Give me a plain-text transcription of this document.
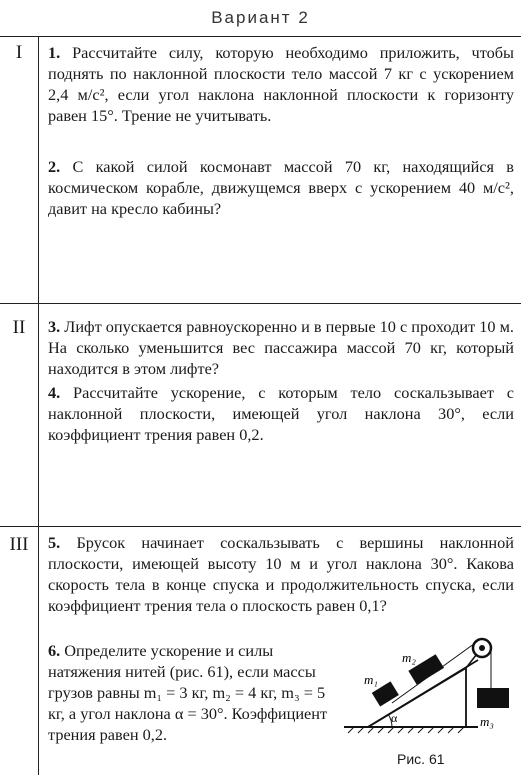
Вариант 2
I
II
III
1. Рассчитайте силу, которую необходимо приложить, чтобы поднять по наклонной плоскости тело массой 7 кг с ускорением 2,4 м/с², если угол наклона наклонной плоскости к горизонту равен 15°. Трение не учитывать.
2. С какой силой космонавт массой 70 кг, находящийся в космическом корабле, движущемся вверх с ускорением 40 м/с², давит на кресло кабины?
3. Лифт опускается равноускоренно и в первые 10 с проходит 10 м. На сколько уменьшится вес пассажира массой 70 кг, который находится в этом лифте?
4. Рассчитайте ускорение, с которым тело соскальзывает с наклонной плоскости, имеющей угол наклона 30°, если коэффициент трения равен 0,2.
5. Брусок начинает соскальзывать с вершины наклонной плоскости, имеющей высоту 10 м и угол наклона 30°. Какова скорость тела в конце спуска и продолжительность спуска, если коэффициент трения тела о плоскость равен 0,1?
6. Определите ускорение и силы натяжения нитей (рис. 61), если массы грузов равны m₁ = 3 кг, m₂ = 4 кг, m₃ = 5 кг, а угол наклона α = 30°. Коэффициент трения равен 0,2.
α
m₁
m₂
m₃
Рис. 61
